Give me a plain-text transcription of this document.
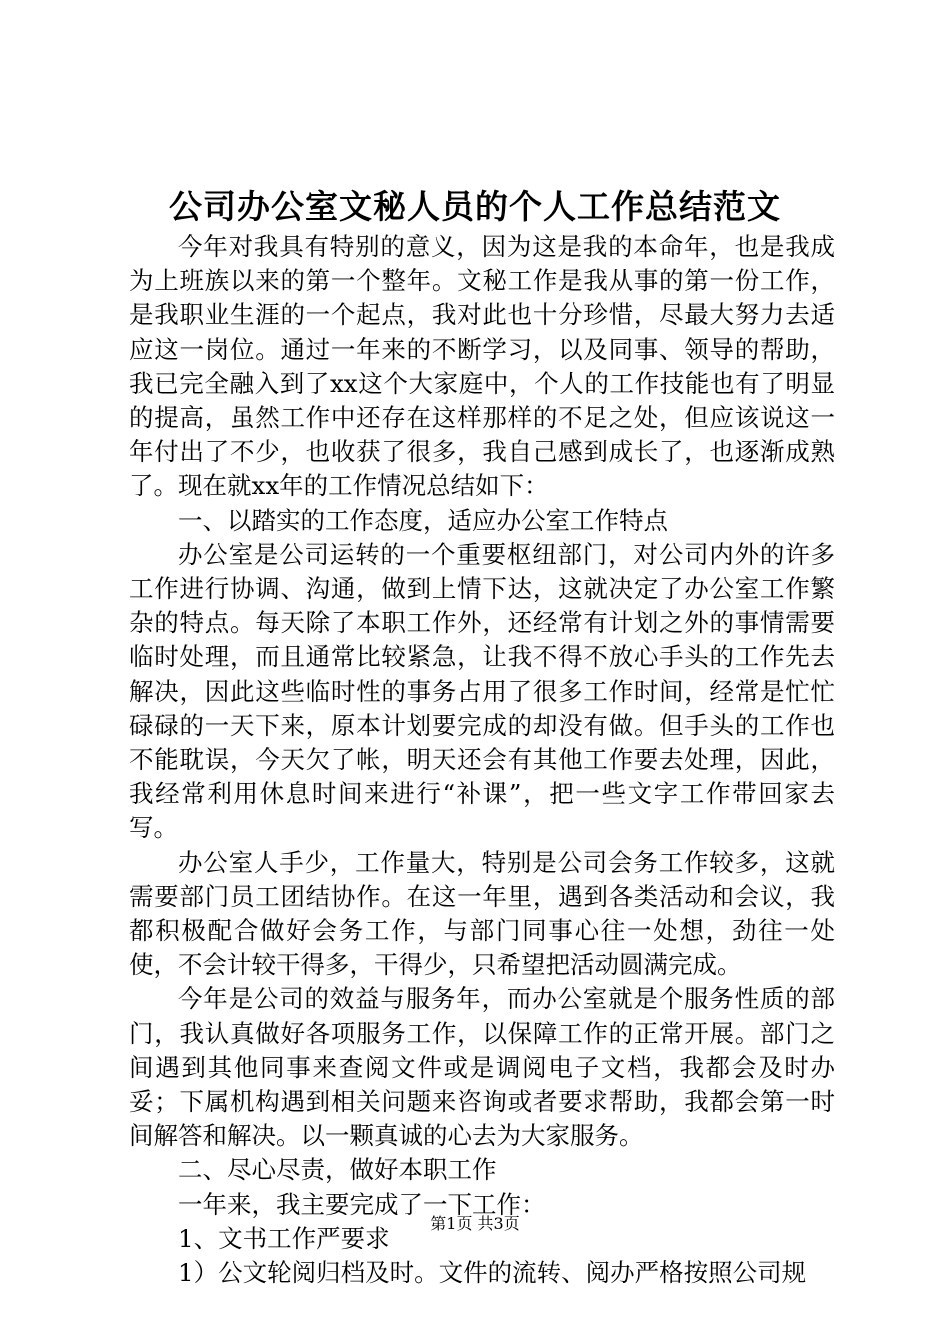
公司办公室文秘人员的个人工作总结范文

今年对我具有特别的意义，因为这是我的本命年，也是我成为上班族以来的第一个整年。文秘工作是我从事的第一份工作，是我职业生涯的一个起点，我对此也十分珍惜，尽最大努力去适应这一岗位。通过一年来的不断学习，以及同事、领导的帮助，我已完全融入到了xx这个大家庭中，个人的工作技能也有了明显的提高，虽然工作中还存在这样那样的不足之处，但应该说这一年付出了不少，也收获了很多，我自己感到成长了，也逐渐成熟了。现在就xx年的工作情况总结如下：

一、以踏实的工作态度，适应办公室工作特点

办公室是公司运转的一个重要枢纽部门，对公司内外的许多工作进行协调、沟通，做到上情下达，这就决定了办公室工作繁杂的特点。每天除了本职工作外，还经常有计划之外的事情需要临时处理，而且通常比较紧急，让我不得不放心手头的工作先去解决，因此这些临时性的事务占用了很多工作时间，经常是忙忙碌碌的一天下来，原本计划要完成的却没有做。但手头的工作也不能耽误，今天欠了帐，明天还会有其他工作要去处理，因此，我经常利用休息时间来进行“补课”，把一些文字工作带回家去写。

办公室人手少，工作量大，特别是公司会务工作较多，这就需要部门员工团结协作。在这一年里，遇到各类活动和会议，我都积极配合做好会务工作，与部门同事心往一处想，劲往一处使，不会计较干得多，干得少，只希望把活动圆满完成。

今年是公司的效益与服务年，而办公室就是个服务性质的部门，我认真做好各项服务工作，以保障工作的正常开展。部门之间遇到其他同事来查阅文件或是调阅电子文档，我都会及时办妥；下属机构遇到相关问题来咨询或者要求帮助，我都会第一时间解答和解决。以一颗真诚的心去为大家服务。

二、尽心尽责，做好本职工作

一年来，我主要完成了一下工作：

1、文书工作严要求

1）公文轮阅归档及时。文件的流转、阅办严格按照公司规

第1页 共3页
